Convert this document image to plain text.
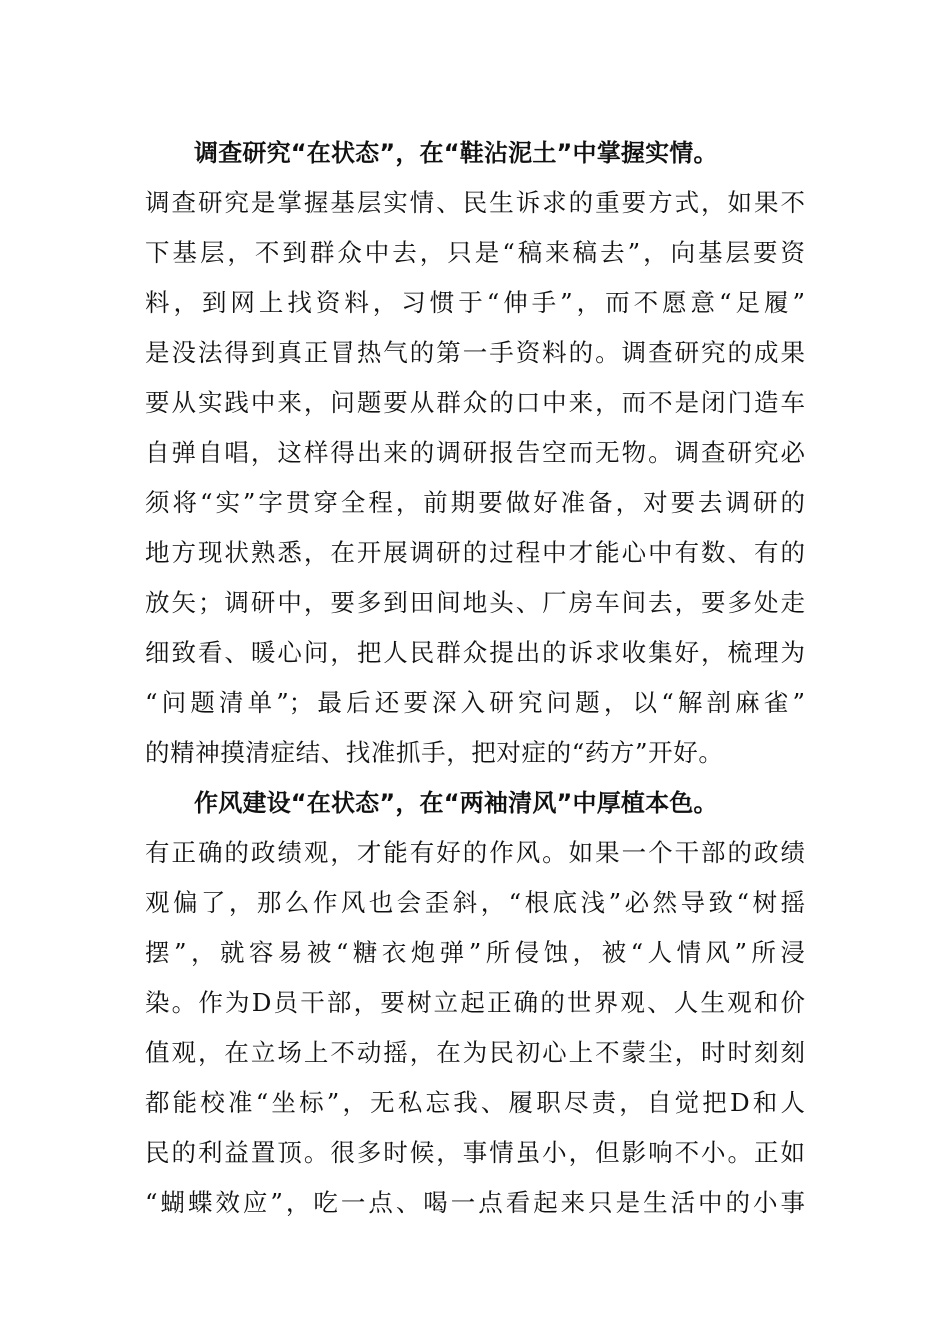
调查研究“在状态”，在“鞋沾泥土”中掌握实情。
调查研究是掌握基层实情、民生诉求的重要方式，如果不
下基层，不到群众中去，只是“稿来稿去”，向基层要资
料，到网上找资料，习惯于“伸手”，而不愿意“足履”
是没法得到真正冒热气的第一手资料的。调查研究的成果
要从实践中来，问题要从群众的口中来，而不是闭门造车
自弹自唱，这样得出来的调研报告空而无物。调查研究必
须将“实”字贯穿全程，前期要做好准备，对要去调研的
地方现状熟悉，在开展调研的过程中才能心中有数、有的
放矢；调研中，要多到田间地头、厂房车间去，要多处走
细致看、暖心问，把人民群众提出的诉求收集好，梳理为
“问题清单”；最后还要深入研究问题，以“解剖麻雀”
的精神摸清症结、找准抓手，把对症的“药方”开好。
作风建设“在状态”，在“两袖清风”中厚植本色。
有正确的政绩观，才能有好的作风。如果一个干部的政绩
观偏了，那么作风也会歪斜，“根底浅”必然导致“树摇
摆”，就容易被“糖衣炮弹”所侵蚀，被“人情风”所浸
染。作为D员干部，要树立起正确的世界观、人生观和价
值观，在立场上不动摇，在为民初心上不蒙尘，时时刻刻
都能校准“坐标”，无私忘我、履职尽责，自觉把D和人
民的利益置顶。很多时候，事情虽小，但影响不小。正如
“蝴蝶效应”，吃一点、喝一点看起来只是生活中的小事
